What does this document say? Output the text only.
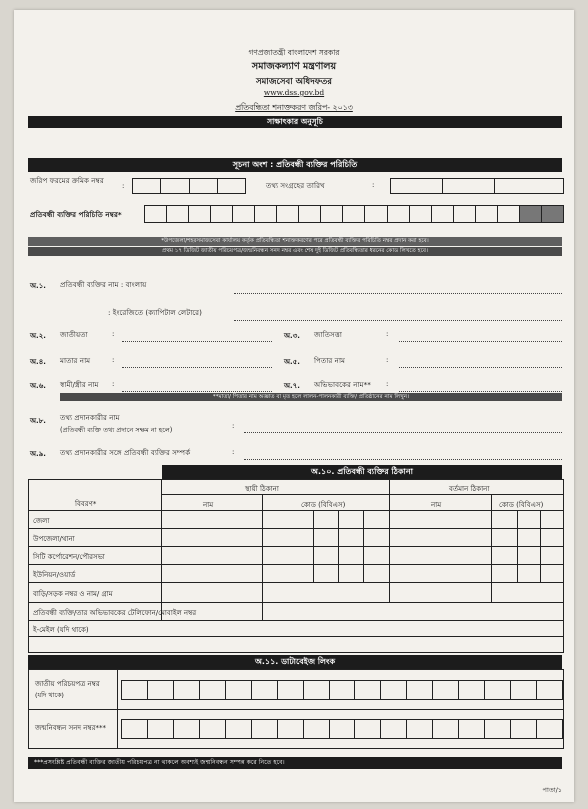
গণপ্রজাতন্ত্রী বাংলাদেশ সরকার
সমাজকল্যাণ মন্ত্রণালয়
সমাজসেবা অধিদফতর
www.dss.gov.bd
প্রতিবন্ধিতা শনাক্তকরণ জরিপ- ২০১৩
সাক্ষাৎকার অনুসূচি
সূচনা অংশ : প্রতিবন্ধী ব্যক্তির পরিচিতি
জরিপ ফরমের ক্রমিক নম্বর
:	তথ্য সংগ্রহের তারিখ	:
প্রতিবন্ধী ব্যক্তির পরিচিতি নম্বর*
*উপজেলা/শহরসমাজসেবা কার্যালয় কর্তৃক প্রতিবন্ধিতা শনাক্তকরণের পরে প্রতিবন্ধী ব্যক্তির পরিচিতি নম্বর প্রদান করা হবে।
প্রথম ১৭ ডিজিট জাতীয় পরিচয়পত্র/জন্মনিবন্ধন সনদ নম্বর এবং শেষ দুই ডিজিট প্রতিবন্ধিতার ধরনের কোড লিখতে হবে।
অ.১. প্রতিবন্ধী ব্যক্তির নাম : বাংলায়
: ইংরেজিতে (ক্যাপিটাল লেটারে)
অ.২. জাতীয়তা	:	অ.৩. জাতিসত্তা	:
অ.৪. মাতার নাম	:	অ.৫. পিতার নাম	:
অ.৬. স্বামী/স্ত্রীর নাম :	অ.৭. অভিভাবকের নাম** :
**মাতা/ পিতার নাম অজ্ঞাত বা মৃত হলে লালন-পালনকারী ব্যক্তি/ প্রতিষ্ঠানের নাম লিখুন।
অ.৮. তথ্য প্রদানকারীর নাম
(প্রতিবন্ধী ব্যক্তি তথ্য প্রদানে সক্ষম না হলে)	:
অ.৯. তথ্য প্রদানকারীর সঙ্গে প্রতিবন্ধী ব্যক্তির সম্পর্ক	:
অ.১০. প্রতিবন্ধী ব্যক্তির ঠিকানা
বিবরণ*
স্থায়ী ঠিকানা	বর্তমান ঠিকানা
নাম	কোড (বিবিএস)	নাম	কোড (বিবিএস)
জেলা
উপজেলা/থানা
সিটি কর্পোরেশন/পৌরসভা
ইউনিয়ন/ওয়ার্ড
বাড়ি/সড়ক নম্বর ও নাম/ গ্রাম
প্রতিবন্ধী ব্যক্তি/তার অভিভাবকের টেলিফোন/মোবাইল নম্বর
ই-মেইল (যদি থাকে)
অ.১১. ডাটাবেইজ লিংক
জাতীয় পরিচয়পত্র নম্বর
(যদি থাকে)
জন্মনিবন্ধন সনদ নম্বর***
***প্রসংশ্লিষ্ট প্রতিবন্ধী ব্যক্তির জাতীয় পরিচয়পত্র না থাকলে অবশ্যই জন্মনিবন্ধন সম্পন্ন করে নিতে হবে।
পাতা/১
